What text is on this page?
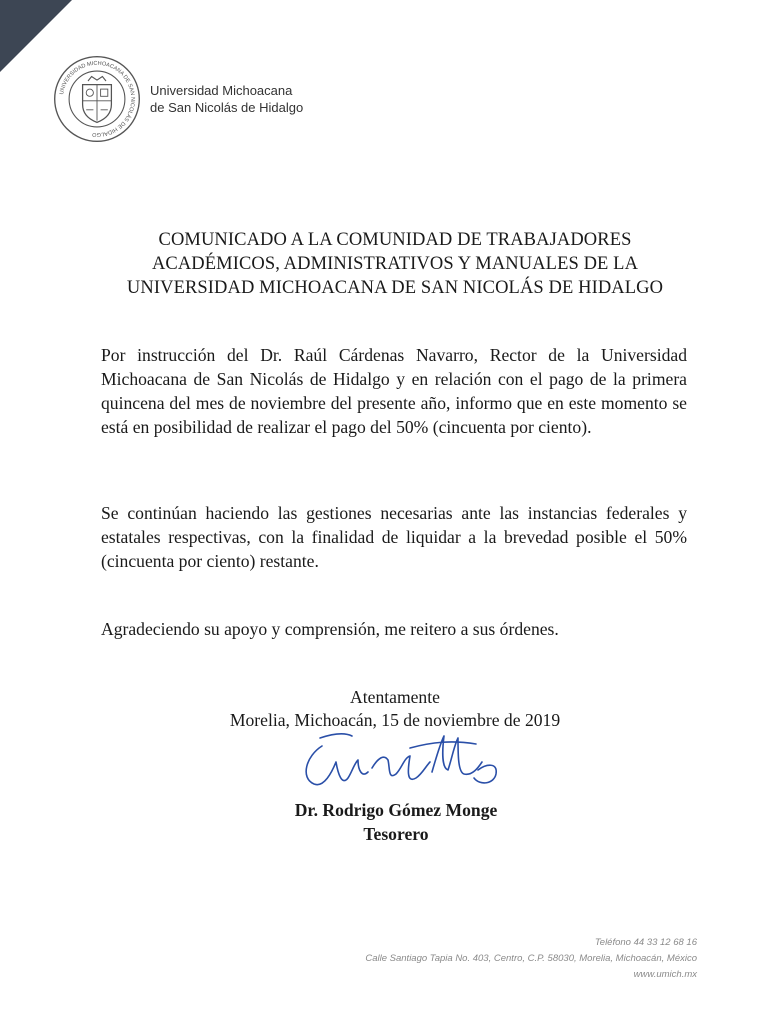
UNIVERSIDAD MICHOACANA DE SAN NICOLÁS DE HIDALGO
Universidad Michoacana
de San Nicolás de Hidalgo
COMUNICADO A LA COMUNIDAD DE TRABAJADORES
ACADÉMICOS, ADMINISTRATIVOS Y MANUALES DE LA
UNIVERSIDAD MICHOACANA DE SAN NICOLÁS DE HIDALGO

Por instrucción del Dr. Raúl Cárdenas Navarro, Rector de la Universidad Michoacana de San Nicolás de Hidalgo y en relación con el pago de la primera quincena del mes de noviembre del presente año, informo que en este momento se está en posibilidad de realizar el pago del 50% (cincuenta por ciento).

Se continúan haciendo las gestiones necesarias ante las instancias federales y estatales respectivas, con la finalidad de liquidar a la brevedad posible el 50% (cincuenta por ciento) restante.

Agradeciendo su apoyo y comprensión, me reitero a sus órdenes.

Atentamente
Morelia, Michoacán, 15 de noviembre de 2019
Dr. Rodrigo Gómez Monge
Tesorero
Teléfono 44 33 12 68 16
Calle Santiago Tapia No. 403, Centro, C.P. 58030, Morelia, Michoacán, México
www.umich.mx
